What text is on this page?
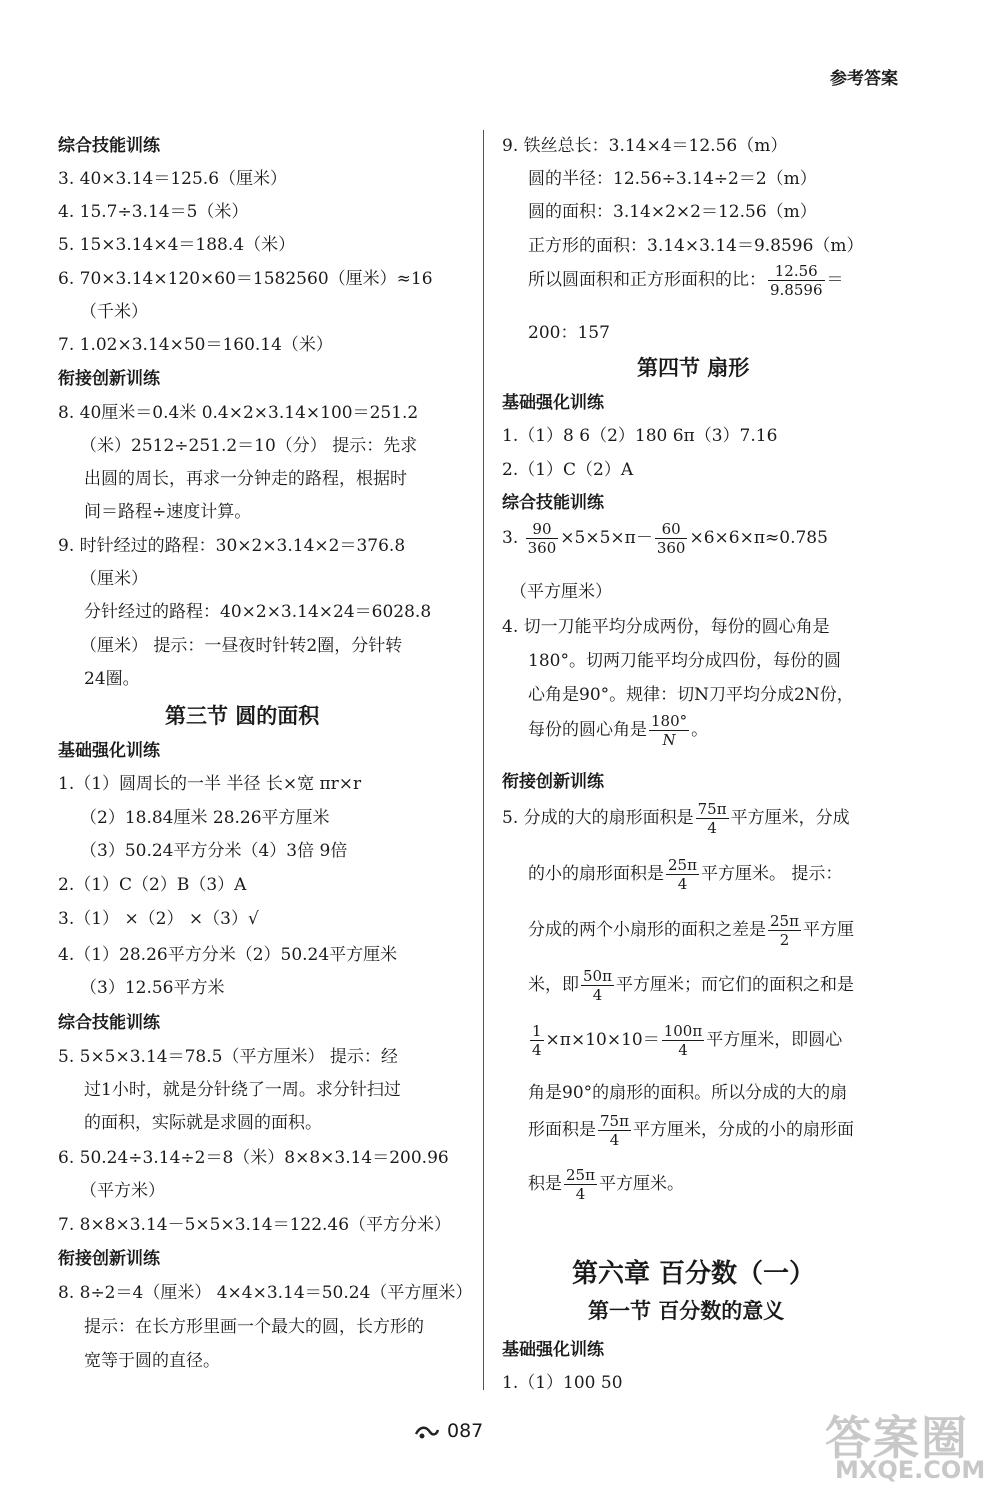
参考答案
综合技能训练
3. 40×3.14＝125.6（厘米）
4. 15.7÷3.14＝5（米）
5. 15×3.14×4＝188.4（米）
6. 70×3.14×120×60＝1582560（厘米）≈16
（千米）
7. 1.02×3.14×50＝160.14（米）
衔接创新训练
8. 40厘米＝0.4米 0.4×2×3.14×100＝251.2
（米）2512÷251.2＝10（分） 提示：先求
出圆的周长，再求一分钟走的路程，根据时
间＝路程÷速度计算。
9. 时针经过的路程：30×2×3.14×2＝376.8
（厘米）
分针经过的路程：40×2×3.14×24＝6028.8
（厘米） 提示：一昼夜时针转2圈，分针转
24圈。
第三节 圆的面积
基础强化训练
1.（1）圆周长的一半 半径 长×宽 πr×r
（2）18.84厘米 28.26平方厘米
（3）50.24平方分米（4）3倍 9倍
2.（1）C（2）B（3）A
3.（1） ×（2） ×（3）√
4.（1）28.26平方分米（2）50.24平方厘米
（3）12.56平方米
综合技能训练
5. 5×5×3.14＝78.5（平方厘米） 提示：经
过1小时，就是分针绕了一周。求分针扫过
的面积，实际就是求圆的面积。
6. 50.24÷3.14÷2＝8（米）8×8×3.14＝200.96
（平方米）
7. 8×8×3.14－5×5×3.14＝122.46（平方分米）
衔接创新训练
8. 8÷2＝4（厘米） 4×4×3.14＝50.24（平方厘米）
提示：在长方形里画一个最大的圆，长方形的
宽等于圆的直径。
9. 铁丝总长：3.14×4＝12.56（m）
圆的半径：12.56÷3.14÷2＝2（m）
圆的面积：3.14×2×2＝12.56（m）
正方形的面积：3.14×3.14＝9.8596（m）
所以圆面积和正方形面积的比： $\frac{12.56}{9.8596}$ ＝
200：157
第四节 扇形
基础强化训练
1.（1）8 6（2）180 6π（3）7.16
2.（1）C（2）A
综合技能训练
3. $\frac{90}{360} \times 5\times 5\times\pi- \frac{60}{360} \times 6\times 6\times\pi\approx 0.785$
（平方厘米）
4. 切一刀能平均分成两份，每份的圆心角是
180°。切两刀能平均分成四份，每份的圆
心角是90°。规律：切N刀平均分成2N份，
每份的圆心角是 $\frac{180^\circ}{N}$ 。
衔接创新训练
5. 分成的大的扇形面积是 $\frac{75\pi}{4}$ 平方厘米，分成
的小的扇形面积是 $\frac{25\pi}{4}$ 平方厘米。 提示：
分成的两个小扇形的面积之差是 $\frac{25\pi}{2}$ 平方厘
米，即 $\frac{50\pi}{4}$ 平方厘米；而它们的面积之和是
$\frac{1}{4} \times\pi\times 10\times 10= \frac{100\pi}{4}$ 平方厘米，即圆心
角是90°的扇形的面积。所以分成的大的扇
形面积是 $\frac{75\pi}{4}$ 平方厘米，分成的小的扇形面
积是 $\frac{25\pi}{4}$ 平方厘米。
第六章 百分数（一）
第一节 百分数的意义
基础强化训练
1.（1）100 50
087	答案圈
MXQE.COM
